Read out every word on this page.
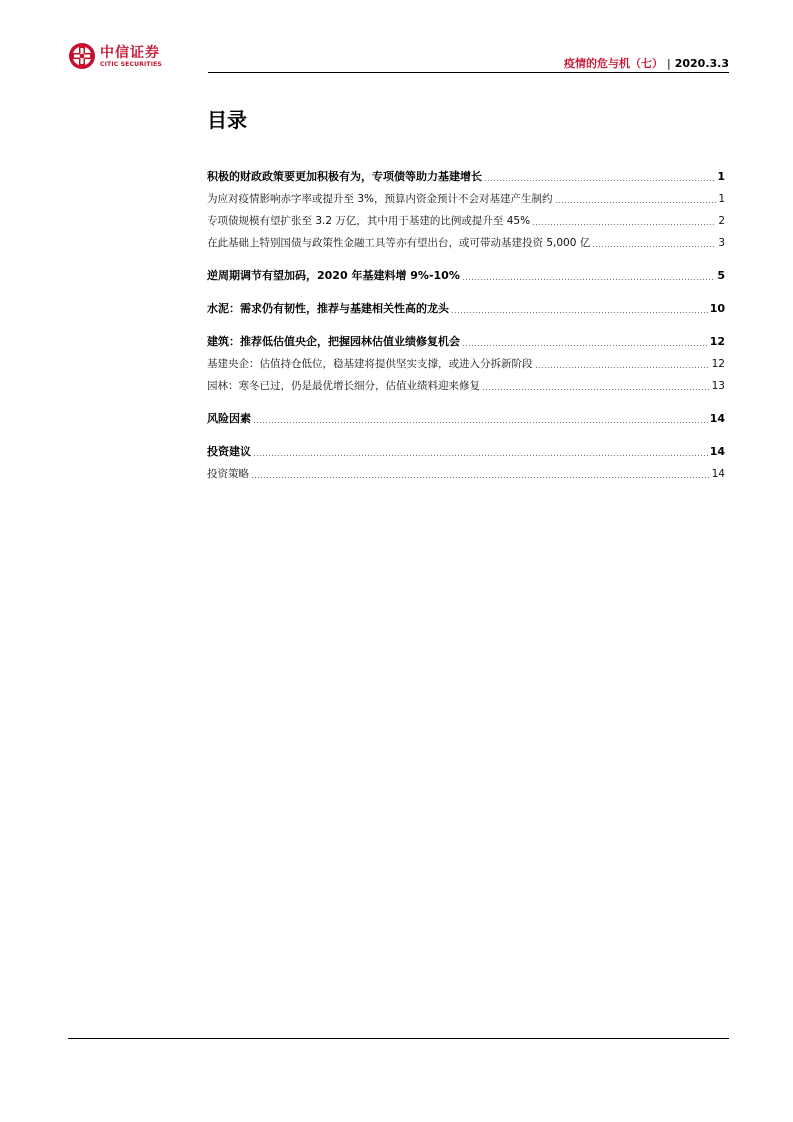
中信证券
CITIC SECURITIES	疫情的危与机（七） | 2020.3.3
目录
积极的财政政策要更加积极有为，专项债等助力基建增长	1
为应对疫情影响赤字率或提升至 3%，预算内资金预计不会对基建产生制约	1
专项债规模有望扩张至 3.2 万亿，其中用于基建的比例或提升至 45%	2
在此基础上特别国债与政策性金融工具等亦有望出台，或可带动基建投资 5,000 亿	3
逆周期调节有望加码，2020 年基建料增 9%-10%	5
水泥：需求仍有韧性，推荐与基建相关性高的龙头	10
建筑：推荐低估值央企，把握园林估值业绩修复机会	12
基建央企：估值持仓低位，稳基建将提供坚实支撑，或进入分拆新阶段	12
园林：寒冬已过，仍是最优增长细分，估值业绩料迎来修复	13
风险因素	14
投资建议	14
投资策略	14
